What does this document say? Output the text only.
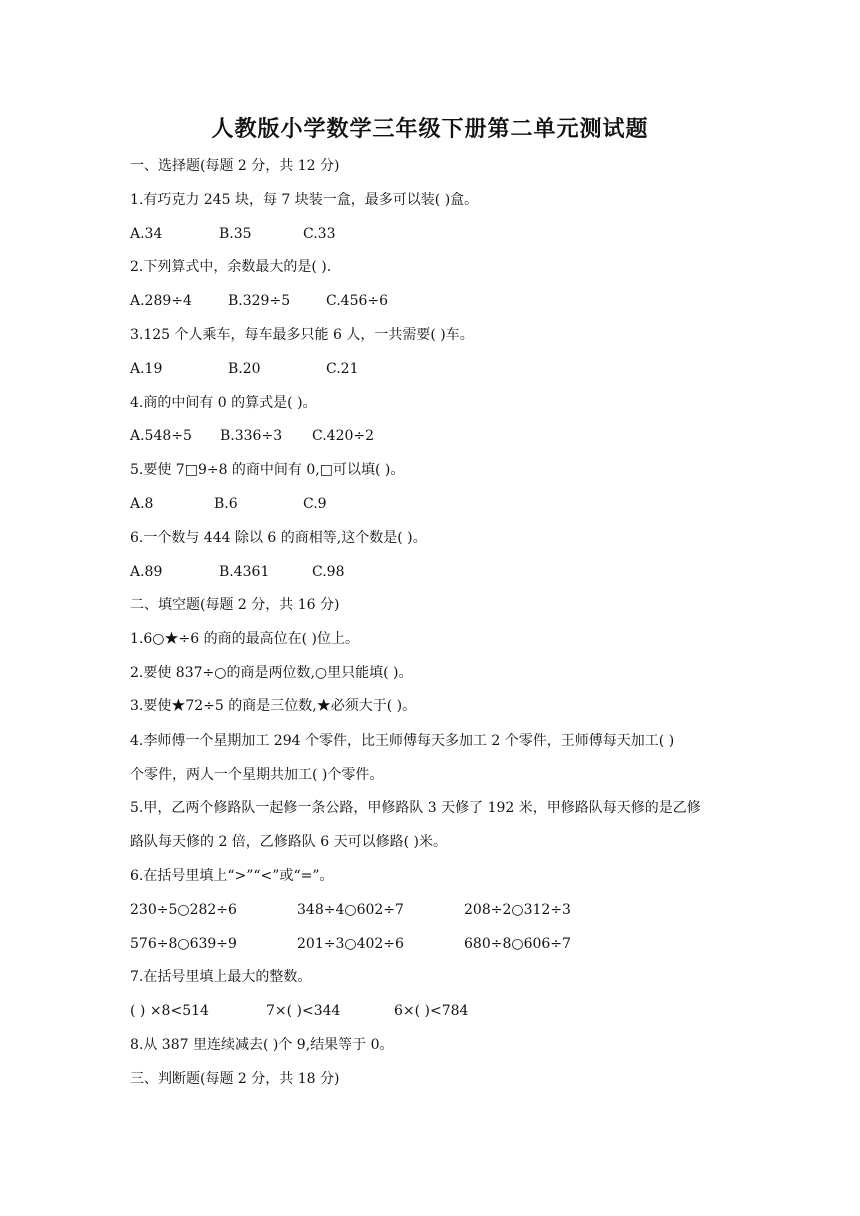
人教版小学数学三年级下册第二单元测试题
一、选择题(每题 2 分，共 12 分)
1.有巧克力 245 块，每 7 块装一盒，最多可以装( )盒。
A.34	B.35	C.33
2.下列算式中，余数最大的是( ).
A.289÷4	B.329÷5	C.456÷6
3.125 个人乘车，每车最多只能 6 人，一共需要( )车。
A.19	B.20	C.21
4.商的中间有 0 的算式是( )。
A.548÷5 B.336÷3 C.420÷2
5.要使 7□9÷8 的商中间有 0,□可以填( )。
A.8	B.6	C.9
6.一个数与 444 除以 6 的商相等,这个数是( )。
A.89	B.4361	C.98
二、填空题(每题 2 分，共 16 分)
1.6○★÷6 的商的最高位在( )位上。
2.要使 837÷○的商是两位数,○里只能填( )。
3.要使★72÷5 的商是三位数,★必须大于( )。
4.李师傅一个星期加工 294 个零件，比王师傅每天多加工 2 个零件，王师傅每天加工( )
个零件，两人一个星期共加工( )个零件。
5.甲，乙两个修路队一起修一条公路，甲修路队 3 天修了 192 米，甲修路队每天修的是乙修
路队每天修的 2 倍，乙修路队 6 天可以修路( )米。
6.在括号里填上“>”“<”或“=”。
230÷5○282÷6	348÷4○602÷7	208÷2○312÷3
576÷8○639÷9	201÷3○402÷6	680÷8○606÷7
7.在括号里填上最大的整数。
( ) ×8<514	7×( )<344	6×( )<784
8.从 387 里连续减去( )个 9,结果等于 0。
三、判断题(每题 2 分，共 18 分)
